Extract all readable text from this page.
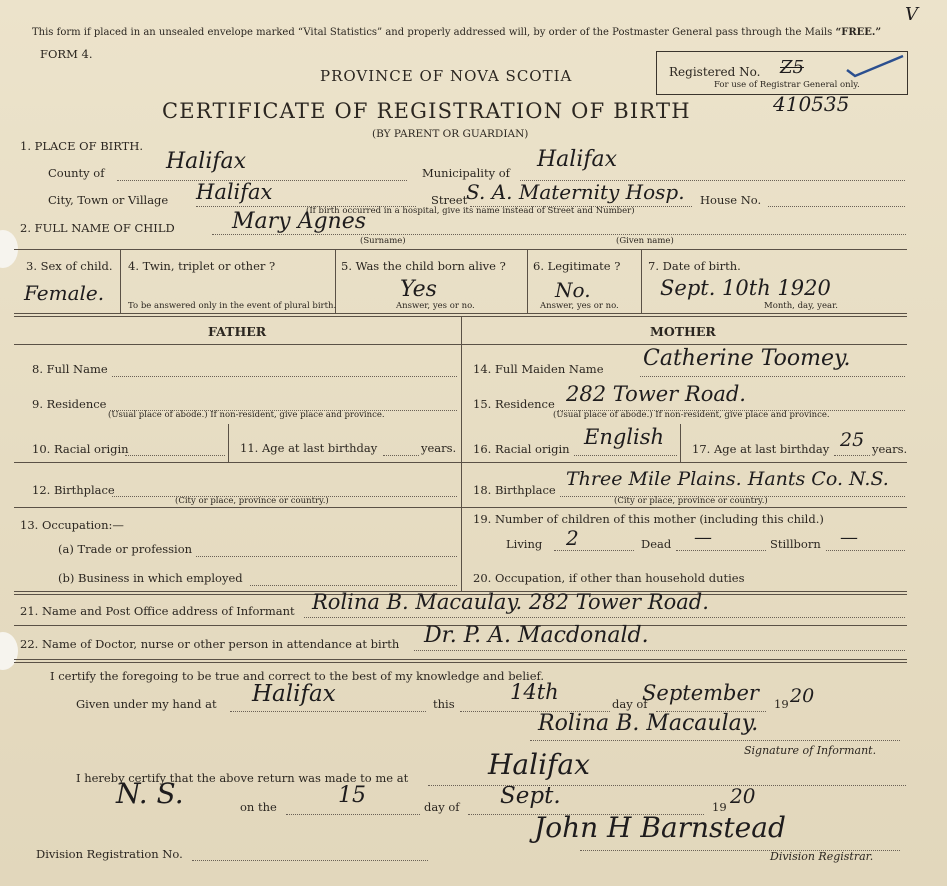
This form if placed in an unsealed envelope marked “Vital Statistics” and properly addressed will, by order of the Postmaster General pass through the Mails “FREE.”
FORM 4.
V
PROVINCE OF NOVA SCOTIA
CERTIFICATE OF REGISTRATION OF BIRTH
(BY PARENT OR GUARDIAN)
Registered No. Z5
For use of Registrar General only.
410535
1. PLACE OF BIRTH.
County of	Halifax	Municipality of
Halifax
City, Town or Village Halifax	Street
S. A. Maternity Hosp. House No.
(If birth occurred in a hospital, give its name instead of Street and Number)
2. FULL NAME OF CHILD	Mary Agnes
(Surname)	(Given name)
3. Sex of child.
Female.
4. Twin, triplet or other ?
To be answered only in the event of plural birth.
5. Was the child born alive ?
Yes
Answer, yes or no.
6. Legitimate ?
No.
Answer, yes or no.
7. Date of birth.
Sept. 10th 1920
Month, day, year.
FATHER	MOTHER
8. Full Name	14. Full Maiden Name Catherine Toomey.
9. Residence
(Usual place of abode.) If non-resident, give place and province.
15. Residence 282 Tower Road.
(Usual place of abode.) If non-resident, give place and province.
10. Racial origin	11. Age at last birthday	years. 16. Racial origin English 17. Age at last birthday 25 years.
12. Birthplace
(City or place, province or country.)
18. Birthplace Three Mile Plains. Hants Co. N.S.
(City or place, province or country.)
13. Occupation:—
(a) Trade or profession
(b) Business in which employed
19. Number of children of this mother (including this child.)
Living 2	Dead —	Stillborn —
20. Occupation, if other than household duties
21. Name and Post Office address of Informant Rolina B. Macaulay. 282 Tower Road.
22. Name of Doctor, nurse or other person in attendance at birth Dr. P. A. Macdonald.
I certify the foregoing to be true and correct to the best of my knowledge and belief.
Given under my hand at Halifax	this	14th	day of
September 19 20
Rolina B. Macaulay.
Signature of Informant.
I hereby certify that the above return was made to me at	Halifax
N. S.	on the	15	day of Sept.	19 20
John H Barnstead
Division Registration No.	Division Registrar.
